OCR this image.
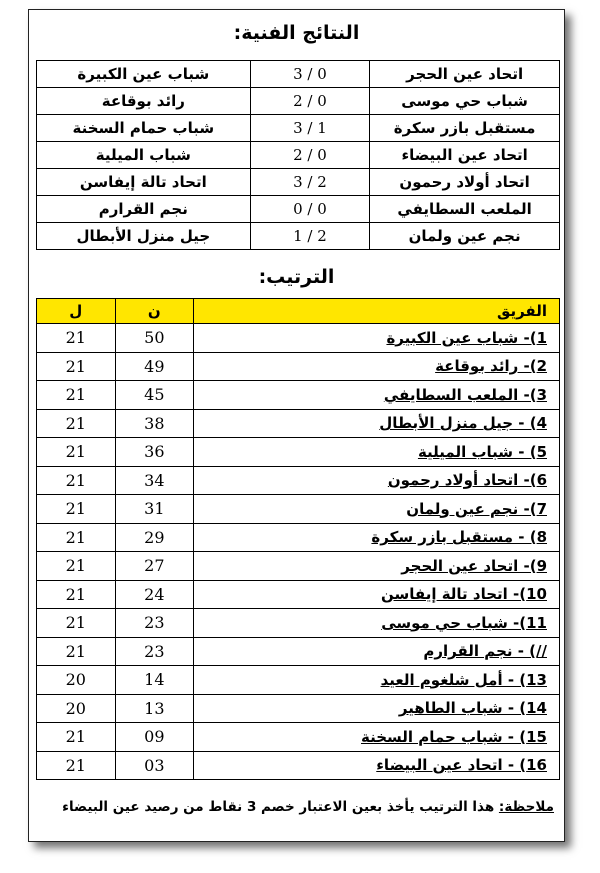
النتائج الفنية:
اتحاد عين الحجر	3 / 0	شباب عين الكبيرة
شباب حي موسى	2 / 0	رائد بوقاعة
مستقبل بازر سكرة	3 / 1	شباب حمام السخنة
اتحاد عين البيضاء	2 / 0	شباب الميلية
اتحاد أولاد رحمون	3 / 2	اتحاد تالة إيفاسن
الملعب السطايفي	0 / 0	نجم القرارم
نجم عين ولمان	1 / 2	جيل منزل الأبطال
الترتيب:
الفريق	ن	ل
1)- شباب عين الكبيرة	50	21
2)- رائد بوقاعة	49	21
3)- الملعب السطايفي	45	21
4) - جيل منزل الأبطال	38	21
5) - شباب الميلية	36	21
6)- اتحاد أولاد رحمون	34	21
7)- نجم عين ولمان	31	21
8) - مستقبل بازر سكرة	29	21
9)- اتحاد عين الحجر	27	21
10)- اتحاد تالة إيفاسن	24	21
11)- شباب حي موسى	23	21
//) - نجم القرارم	23	21
13) - أمل شلغوم العيد	14	20
14) - شباب الطاهير	13	20
15) - شباب حمام السخنة	09	21
16) - اتحاد عين البيضاء	03	21
ملاحظة: هذا الترتيب يأخذ بعين الاعتبار خصم 3 نقاط من رصيد عين البيضاء
